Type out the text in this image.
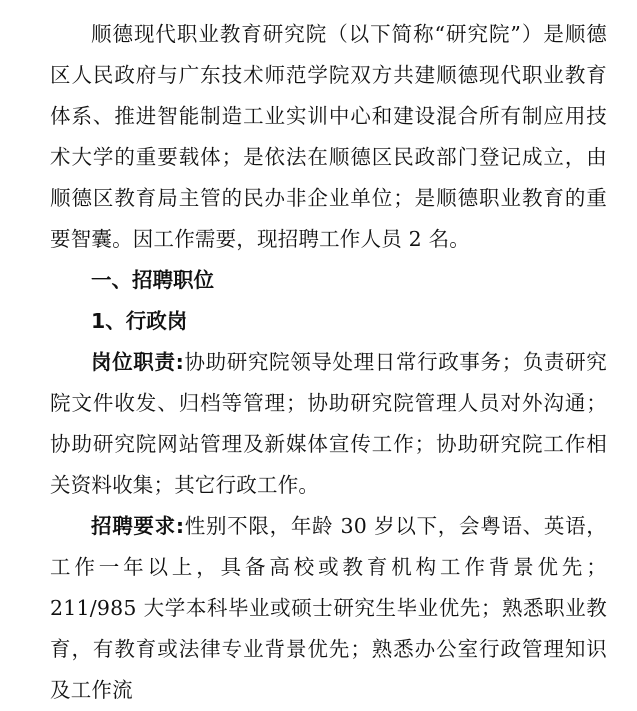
顺德现代职业教育研究院（以下简称“研究院”）是顺德区人民政府与广东技术师范学院双方共建顺德现代职业教育体系、推进智能制造工业实训中心和建设混合所有制应用技术大学的重要载体；是依法在顺德区民政部门登记成立，由顺德区教育局主管的民办非企业单位；是顺德职业教育的重要智囊。因工作需要，现招聘工作人员 2 名。

一、招聘职位

1、行政岗

岗位职责:协助研究院领导处理日常行政事务；负责研究院文件收发、归档等管理；协助研究院管理人员对外沟通；协助研究院网站管理及新媒体宣传工作；协助研究院工作相关资料收集；其它行政工作。

招聘要求:性别不限，年龄 30 岁以下，会粤语、英语，工作一年以上，具备高校或教育机构工作背景优先；211/985 大学本科毕业或硕士研究生毕业优先；熟悉职业教育，有教育或法律专业背景优先；熟悉办公室行政管理知识及工作流
